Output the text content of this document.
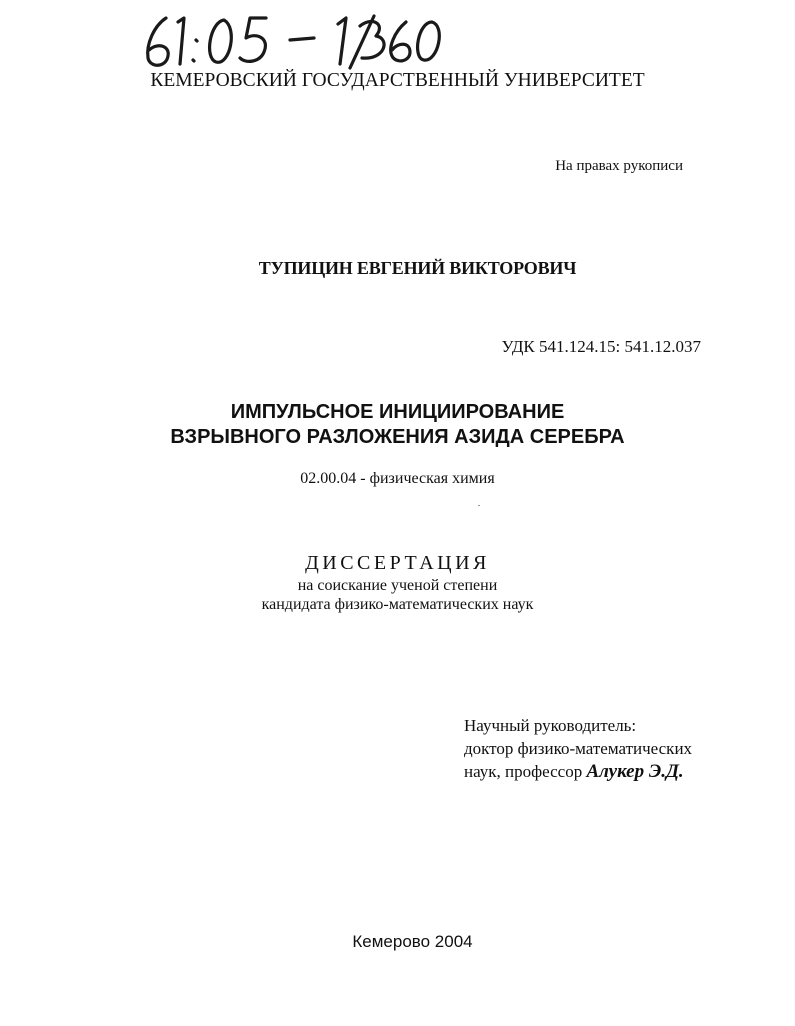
КЕМЕРОВСКИЙ ГОСУДАРСТВЕННЫЙ УНИВЕРСИТЕТ
На правах рукописи
ТУПИЦИН ЕВГЕНИЙ ВИКТОРОВИЧ
УДК 541.124.15: 541.12.037
ИМПУЛЬСНОЕ ИНИЦИИРОВАНИЕ
ВЗРЫВНОГО РАЗЛОЖЕНИЯ АЗИДА СЕРЕБРА
02.00.04 - физическая химия
ДИССЕРТАЦИЯ
на соискание ученой степени
кандидата физико-математических наук
Научный руководитель:
доктор физико-математических
наук, профессор Алукер Э.Д.
Кемерово 2004
